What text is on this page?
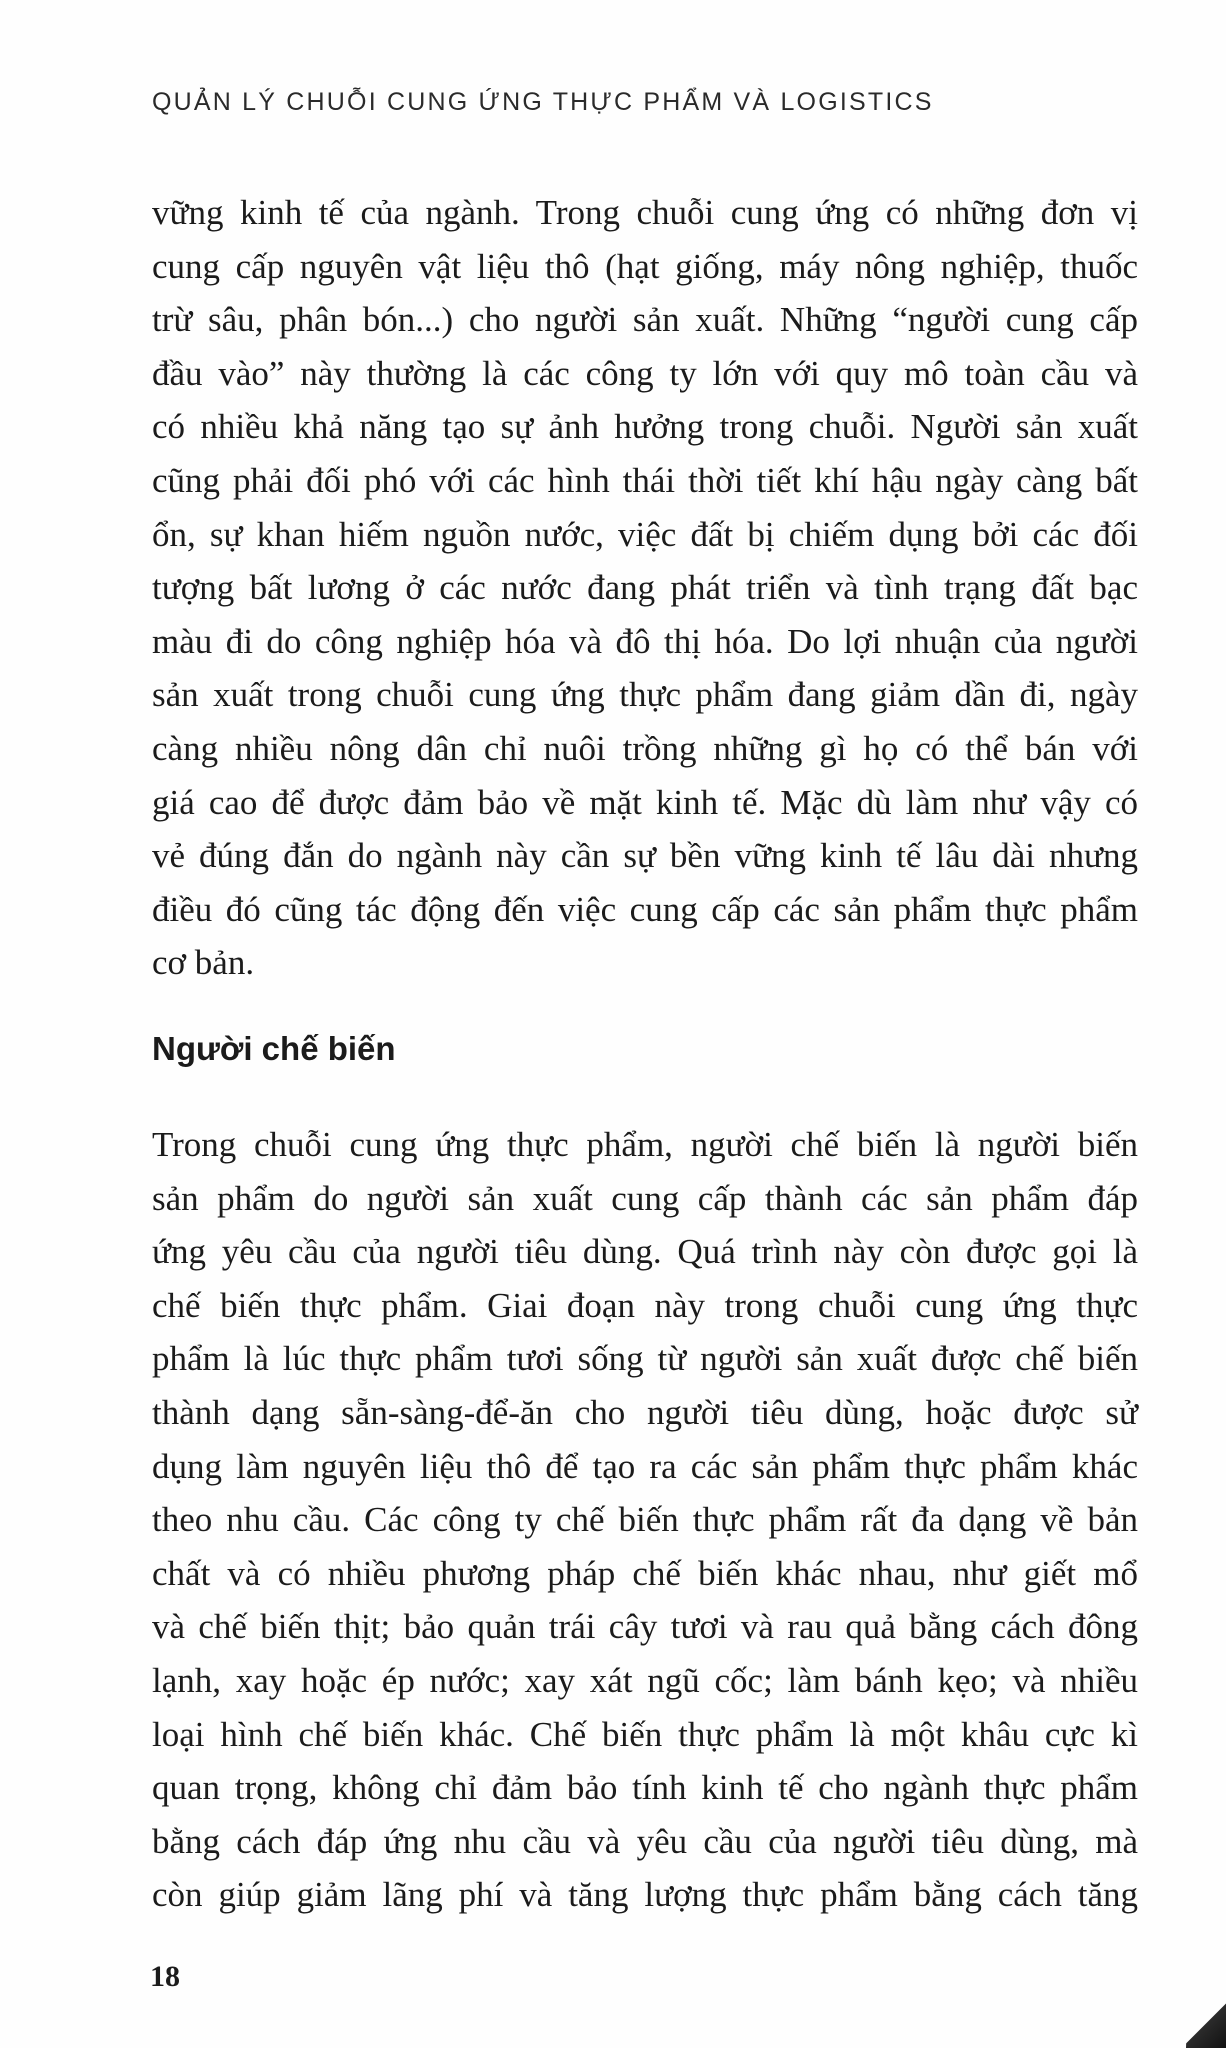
QUẢN LÝ CHUỖI CUNG ỨNG THỰC PHẨM VÀ LOGISTICS
vững kinh tế của ngành. Trong chuỗi cung ứng có những đơn vị
cung cấp nguyên vật liệu thô (hạt giống, máy nông nghiệp, thuốc
trừ sâu, phân bón...) cho người sản xuất. Những “người cung cấp
đầu vào” này thường là các công ty lớn với quy mô toàn cầu và
có nhiều khả năng tạo sự ảnh hưởng trong chuỗi. Người sản xuất
cũng phải đối phó với các hình thái thời tiết khí hậu ngày càng bất
ổn, sự khan hiếm nguồn nước, việc đất bị chiếm dụng bởi các đối
tượng bất lương ở các nước đang phát triển và tình trạng đất bạc
màu đi do công nghiệp hóa và đô thị hóa. Do lợi nhuận của người
sản xuất trong chuỗi cung ứng thực phẩm đang giảm dần đi, ngày
càng nhiều nông dân chỉ nuôi trồng những gì họ có thể bán với
giá cao để được đảm bảo về mặt kinh tế. Mặc dù làm như vậy có
vẻ đúng đắn do ngành này cần sự bền vững kinh tế lâu dài nhưng
điều đó cũng tác động đến việc cung cấp các sản phẩm thực phẩm
cơ bản.
Người chế biến
Trong chuỗi cung ứng thực phẩm, người chế biến là người biến
sản phẩm do người sản xuất cung cấp thành các sản phẩm đáp
ứng yêu cầu của người tiêu dùng. Quá trình này còn được gọi là
chế biến thực phẩm. Giai đoạn này trong chuỗi cung ứng thực
phẩm là lúc thực phẩm tươi sống từ người sản xuất được chế biến
thành dạng sẵn-sàng-để-ăn cho người tiêu dùng, hoặc được sử
dụng làm nguyên liệu thô để tạo ra các sản phẩm thực phẩm khác
theo nhu cầu. Các công ty chế biến thực phẩm rất đa dạng về bản
chất và có nhiều phương pháp chế biến khác nhau, như giết mổ
và chế biến thịt; bảo quản trái cây tươi và rau quả bằng cách đông
lạnh, xay hoặc ép nước; xay xát ngũ cốc; làm bánh kẹo; và nhiều
loại hình chế biến khác. Chế biến thực phẩm là một khâu cực kì
quan trọng, không chỉ đảm bảo tính kinh tế cho ngành thực phẩm
bằng cách đáp ứng nhu cầu và yêu cầu của người tiêu dùng, mà
còn giúp giảm lãng phí và tăng lượng thực phẩm bằng cách tăng
18
